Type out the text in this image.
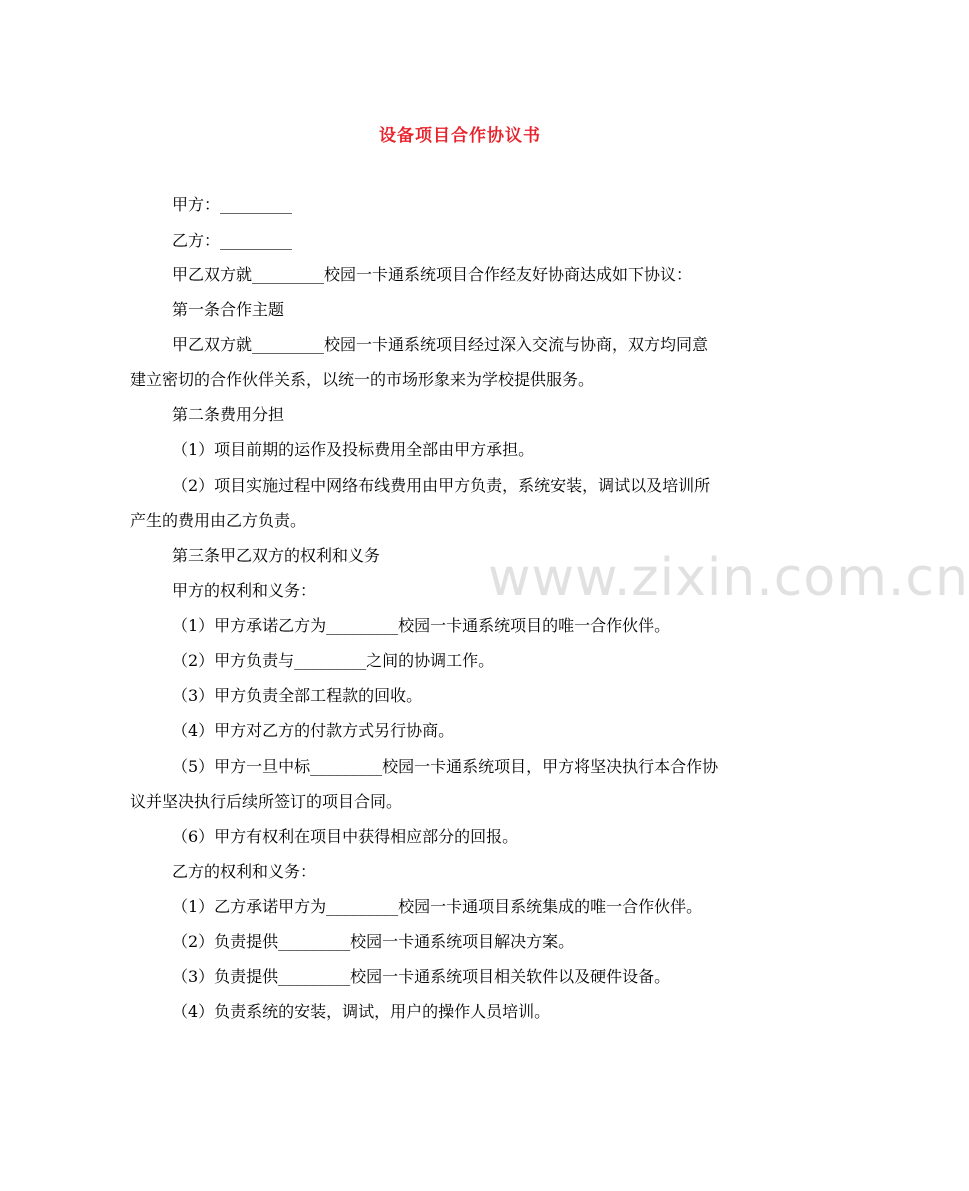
设备项目合作协议书
甲方：_________
乙方：_________
甲乙双方就_________校园一卡通系统项目合作经友好协商达成如下协议：
第一条合作主题
甲乙双方就_________校园一卡通系统项目经过深入交流与协商，双方均同意
建立密切的合作伙伴关系，以统一的市场形象来为学校提供服务。
第二条费用分担
（1）项目前期的运作及投标费用全部由甲方承担。
（2）项目实施过程中网络布线费用由甲方负责，系统安装，调试以及培训所
产生的费用由乙方负责。
第三条甲乙双方的权利和义务
甲方的权利和义务：
（1）甲方承诺乙方为_________校园一卡通系统项目的唯一合作伙伴。
（2）甲方负责与_________之间的协调工作。
（3）甲方负责全部工程款的回收。
（4）甲方对乙方的付款方式另行协商。
（5）甲方一旦中标_________校园一卡通系统项目，甲方将坚决执行本合作协
议并坚决执行后续所签订的项目合同。
（6）甲方有权利在项目中获得相应部分的回报。
乙方的权利和义务：
（1）乙方承诺甲方为_________校园一卡通项目系统集成的唯一合作伙伴。
（2）负责提供_________校园一卡通系统项目解决方案。
（3）负责提供_________校园一卡通系统项目相关软件以及硬件设备。
（4）负责系统的安装，调试，用户的操作人员培训。
www.zixin.com.cn
